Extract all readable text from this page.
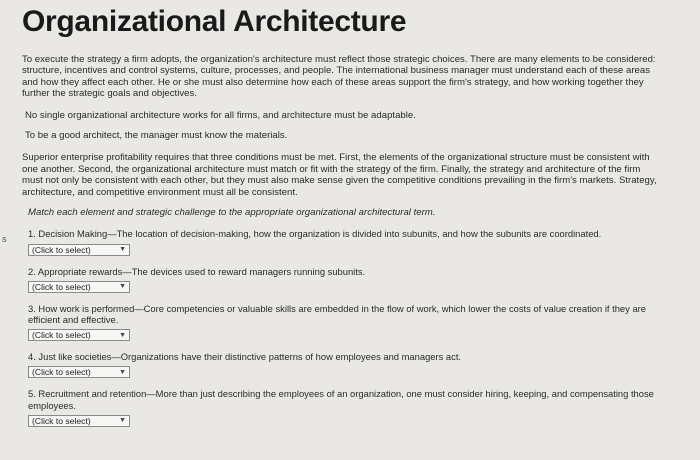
s
Organizational Architecture

To execute the strategy a firm adopts, the organization's architecture must reflect those strategic choices. There are many elements to be considered: structure, incentives and control systems, culture, processes, and people. The international business manager must understand each of these areas and how they affect each other. He or she must also determine how each of these areas support the firm's strategy, and how working together they further the strategic goals and objectives.

No single organizational architecture works for all firms, and architecture must be adaptable.

To be a good architect, the manager must know the materials.

Superior enterprise profitability requires that three conditions must be met. First, the elements of the organizational structure must be consistent with one another. Second, the organizational architecture must match or fit with the strategy of the firm. Finally, the strategy and architecture of the firm must not only be consistent with each other, but they must also make sense given the competitive conditions prevailing in the firm's markets. Strategy, architecture, and competitive environment must all be consistent.

Match each element and strategic challenge to the appropriate organizational architectural term.

1. Decision Making—The location of decision-making, how the organization is divided into subunits, and how the subunits are coordinated.

(Click to select)	▼

2. Appropriate rewards—The devices used to reward managers running subunits.

(Click to select)	▼

3. How work is performed—Core competencies or valuable skills are embedded in the flow of work, which lower the costs of value creation if they are efficient and effective.

(Click to select)	▼

4. Just like societies—Organizations have their distinctive patterns of how employees and managers act.

(Click to select)	▼

5. Recruitment and retention—More than just describing the employees of an organization, one must consider hiring, keeping, and compensating those employees.

(Click to select)	▼
